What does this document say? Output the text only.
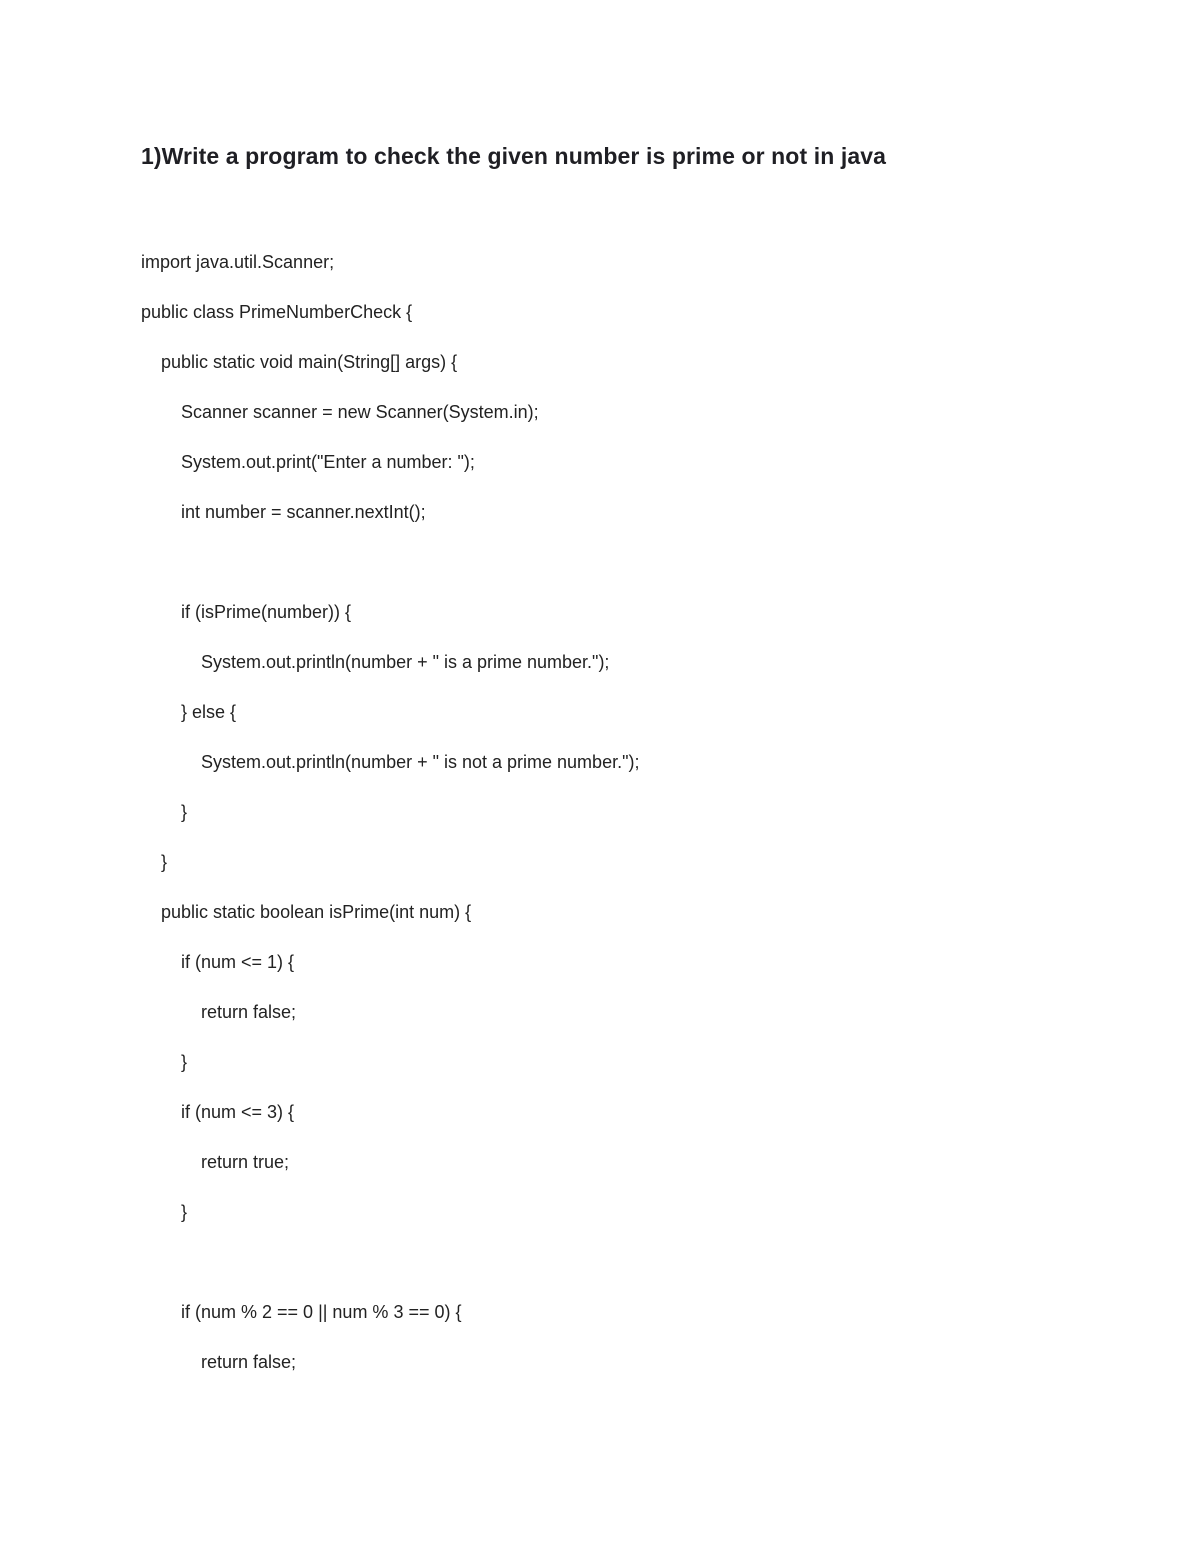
1)Write a program to check the given number is prime or not in java
import java.util.Scanner;
public class PrimeNumberCheck {
public static void main(String[] args) {
Scanner scanner = new Scanner(System.in);
System.out.print("Enter a number: ");
int number = scanner.nextInt();
if (isPrime(number)) {
System.out.println(number + " is a prime number.");
} else {
System.out.println(number + " is not a prime number.");
}
}
public static boolean isPrime(int num) {
if (num <= 1) {
return false;
}
if (num <= 3) {
return true;
}
if (num % 2 == 0 || num % 3 == 0) {
return false;
